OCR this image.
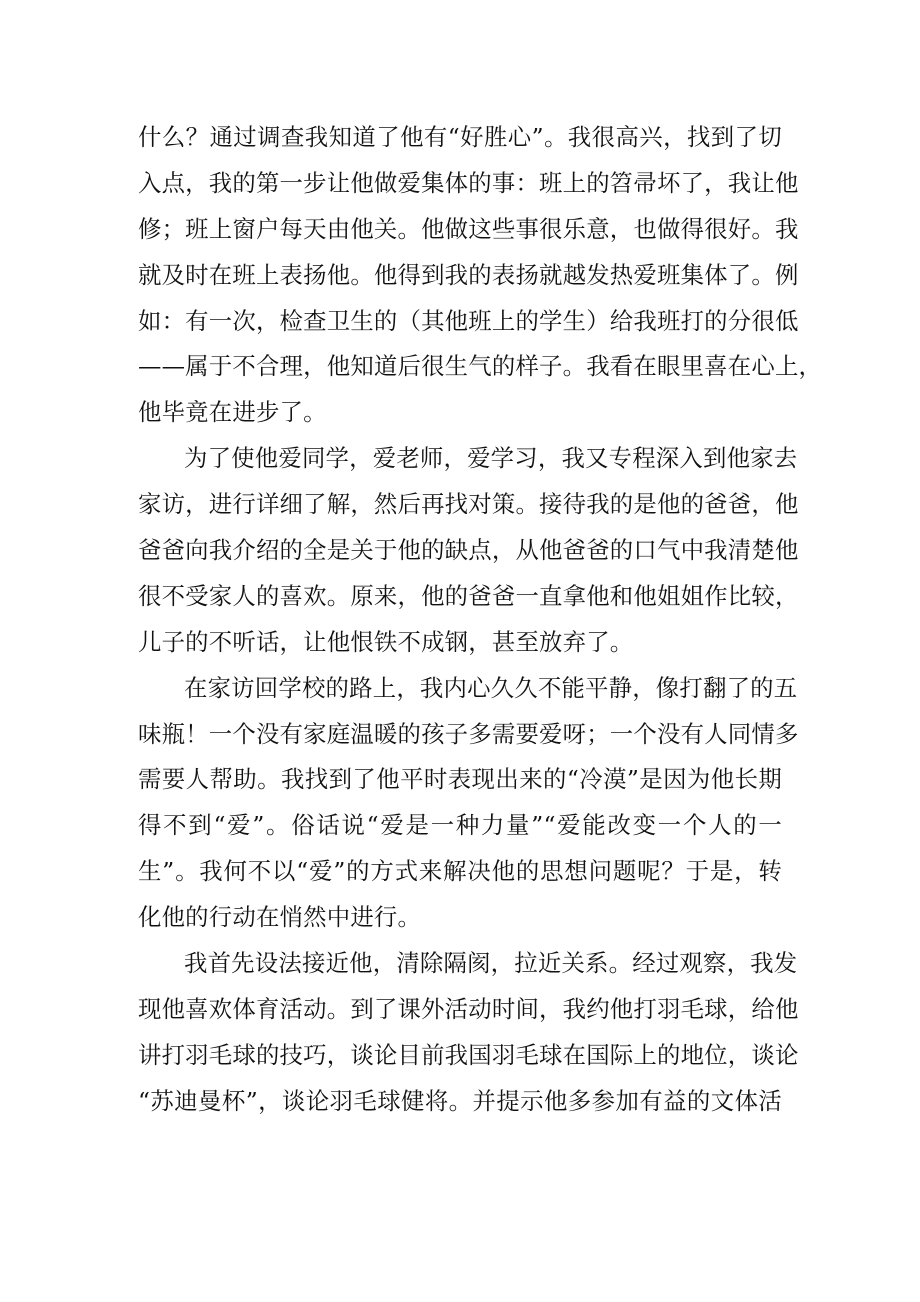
什么？通过调查我知道了他有“好胜心”。我很高兴，找到了切
入点，我的第一步让他做爱集体的事：班上的笤帚坏了，我让他
修；班上窗户每天由他关。他做这些事很乐意，也做得很好。我
就及时在班上表扬他。他得到我的表扬就越发热爱班集体了。例
如：有一次，检查卫生的（其他班上的学生）给我班打的分很低
——属于不合理，他知道后很生气的样子。我看在眼里喜在心上，
他毕竟在进步了。
为了使他爱同学，爱老师，爱学习，我又专程深入到他家去
家访，进行详细了解，然后再找对策。接待我的是他的爸爸，他
爸爸向我介绍的全是关于他的缺点，从他爸爸的口气中我清楚他
很不受家人的喜欢。原来，他的爸爸一直拿他和他姐姐作比较，
儿子的不听话，让他恨铁不成钢，甚至放弃了。
在家访回学校的路上，我内心久久不能平静，像打翻了的五
味瓶！一个没有家庭温暖的孩子多需要爱呀；一个没有人同情多
需要人帮助。我找到了他平时表现出来的“冷漠”是因为他长期
得不到“爱”。俗话说“爱是一种力量”“爱能改变一个人的一
生”。我何不以“爱”的方式来解决他的思想问题呢？于是，转
化他的行动在悄然中进行。
我首先设法接近他，清除隔阂，拉近关系。经过观察，我发
现他喜欢体育活动。到了课外活动时间，我约他打羽毛球，给他
讲打羽毛球的技巧，谈论目前我国羽毛球在国际上的地位，谈论
“苏迪曼杯”，谈论羽毛球健将。并提示他多参加有益的文体活
